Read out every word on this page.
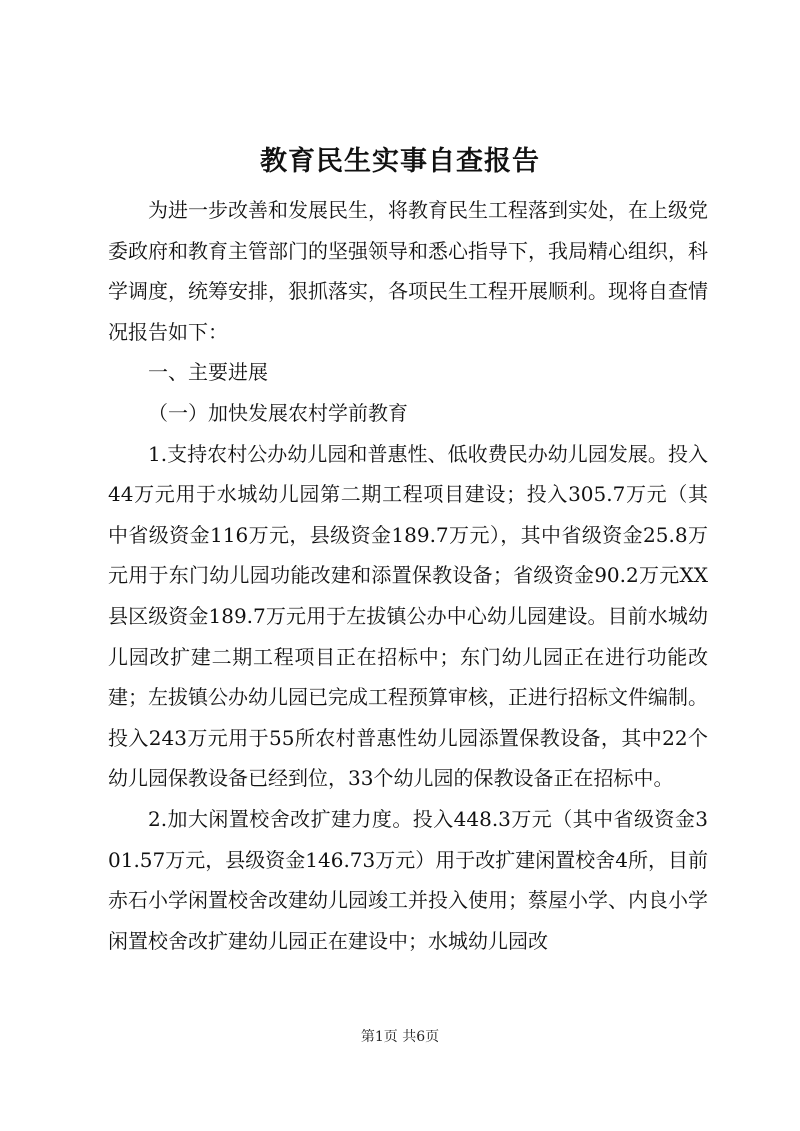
教育民生实事自查报告

为进一步改善和发展民生，将教育民生工程落到实处，在上级党委政府和教育主管部门的坚强领导和悉心指导下，我局精心组织，科学调度，统筹安排，狠抓落实，各项民生工程开展顺利。现将自查情况报告如下：

一、主要进展

（一）加快发展农村学前教育

1.支持农村公办幼儿园和普惠性、低收费民办幼儿园发展。投入44万元用于水城幼儿园第二期工程项目建设；投入305.7万元（其中省级资金116万元，县级资金189.7万元），其中省级资金25.8万元用于东门幼儿园功能改建和添置保教设备；省级资金90.2万元XX县区级资金189.7万元用于左拔镇公办中心幼儿园建设。目前水城幼儿园改扩建二期工程项目正在招标中；东门幼儿园正在进行功能改建；左拔镇公办幼儿园已完成工程预算审核，正进行招标文件编制。投入243万元用于55所农村普惠性幼儿园添置保教设备，其中22个幼儿园保教设备已经到位，33个幼儿园的保教设备正在招标中。

2.加大闲置校舍改扩建力度。投入448.3万元（其中省级资金301.57万元，县级资金146.73万元）用于改扩建闲置校舍4所，目前赤石小学闲置校舍改建幼儿园竣工并投入使用；蔡屋小学、内良小学闲置校舍改扩建幼儿园正在建设中；水城幼儿园改

第1页 共6页
